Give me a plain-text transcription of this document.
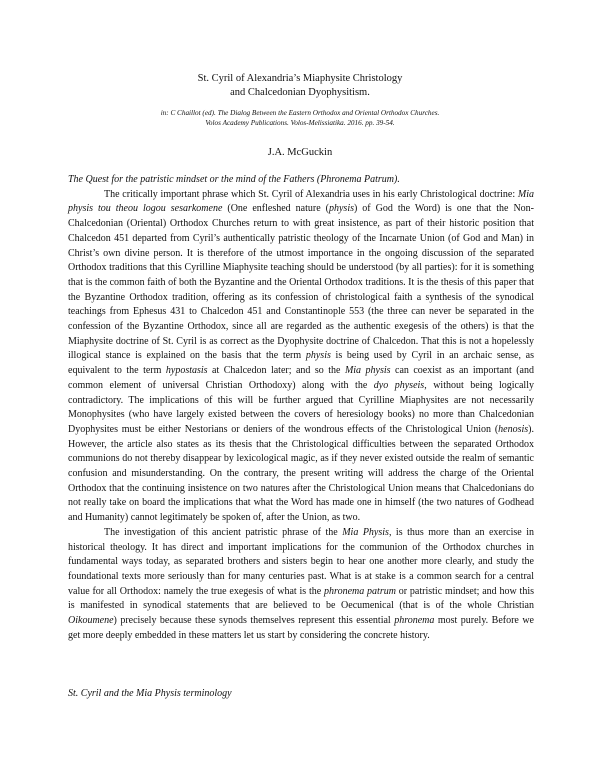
St. Cyril of Alexandria’s Miaphysite Christology
and Chalcedonian Dyophysitism.
in: C Chaillot (ed). The Dialog Between the Eastern Orthodox and Oriental Orthodox Churches.
Volos Academy Publications. Volos-Melissiatika. 2016. pp. 39-54.
J.A. McGuckin

The Quest for the patristic mindset or the mind of the Fathers (Phronema Patrum).

The critically important phrase which St. Cyril of Alexandria uses in his early Christological doctrine: Mia physis tou theou logou sesarkomene (One enfleshed nature (physis) of God the Word) is one that the Non-Chalcedonian (Oriental) Orthodox Churches return to with great insistence, as part of their historic position that Chalcedon 451 departed from Cyril’s authentically patristic theology of the Incarnate Union (of God and Man) in Christ’s own divine person. It is therefore of the utmost importance in the ongoing discussion of the separated Orthodox traditions that this Cyrilline Miaphysite teaching should be understood (by all parties): for it is something that is the common faith of both the Byzantine and the Oriental Orthodox traditions. It is the thesis of this paper that the Byzantine Orthodox tradition, offering as its confession of christological faith a synthesis of the synodical teachings from Ephesus 431 to Chalcedon 451 and Constantinople 553 (the three can never be separated in the confession of the Byzantine Orthodox, since all are regarded as the authentic exegesis of the others) is that the Miaphysite doctrine of St. Cyril is as correct as the Dyophysite doctrine of Chalcedon. That this is not a hopelessly illogical stance is explained on the basis that the term physis is being used by Cyril in an archaic sense, as equivalent to the term hypostasis at Chalcedon later; and so the Mia physis can coexist as an important (and common element of universal Christian Orthodoxy) along with the dyo physeis, without being logically contradictory. The implications of this will be further argued that Cyrilline Miaphysites are not necessarily Monophysites (who have largely existed between the covers of heresiology books) no more than Chalcedonian Dyophysites must be either Nestorians or deniers of the wondrous effects of the Christological Union (henosis). However, the article also states as its thesis that the Christological difficulties between the separated Orthodox communions do not thereby disappear by lexicological magic, as if they never existed outside the realm of semantic confusion and misunderstanding. On the contrary, the present writing will address the charge of the Oriental Orthodox that the continuing insistence on two natures after the Christological Union means that Chalcedonians do not really take on board the implications that what the Word has made one in himself (the two natures of Godhead and Humanity) cannot legitimately be spoken of, after the Union, as two.

The investigation of this ancient patristic phrase of the Mia Physis, is thus more than an exercise in historical theology. It has direct and important implications for the communion of the Orthodox churches in fundamental ways today, as separated brothers and sisters begin to hear one another more clearly, and study the foundational texts more seriously than for many centuries past. What is at stake is a common search for a central value for all Orthodox: namely the true exegesis of what is the phronema patrum or patristic mindset; and how this is manifested in synodical statements that are believed to be Oecumenical (that is of the whole Christian Oikoumene) precisely because these synods themselves represent this essential phronema most purely. Before we get more deeply embedded in these matters let us start by considering the concrete history.

St. Cyril and the Mia Physis terminology
